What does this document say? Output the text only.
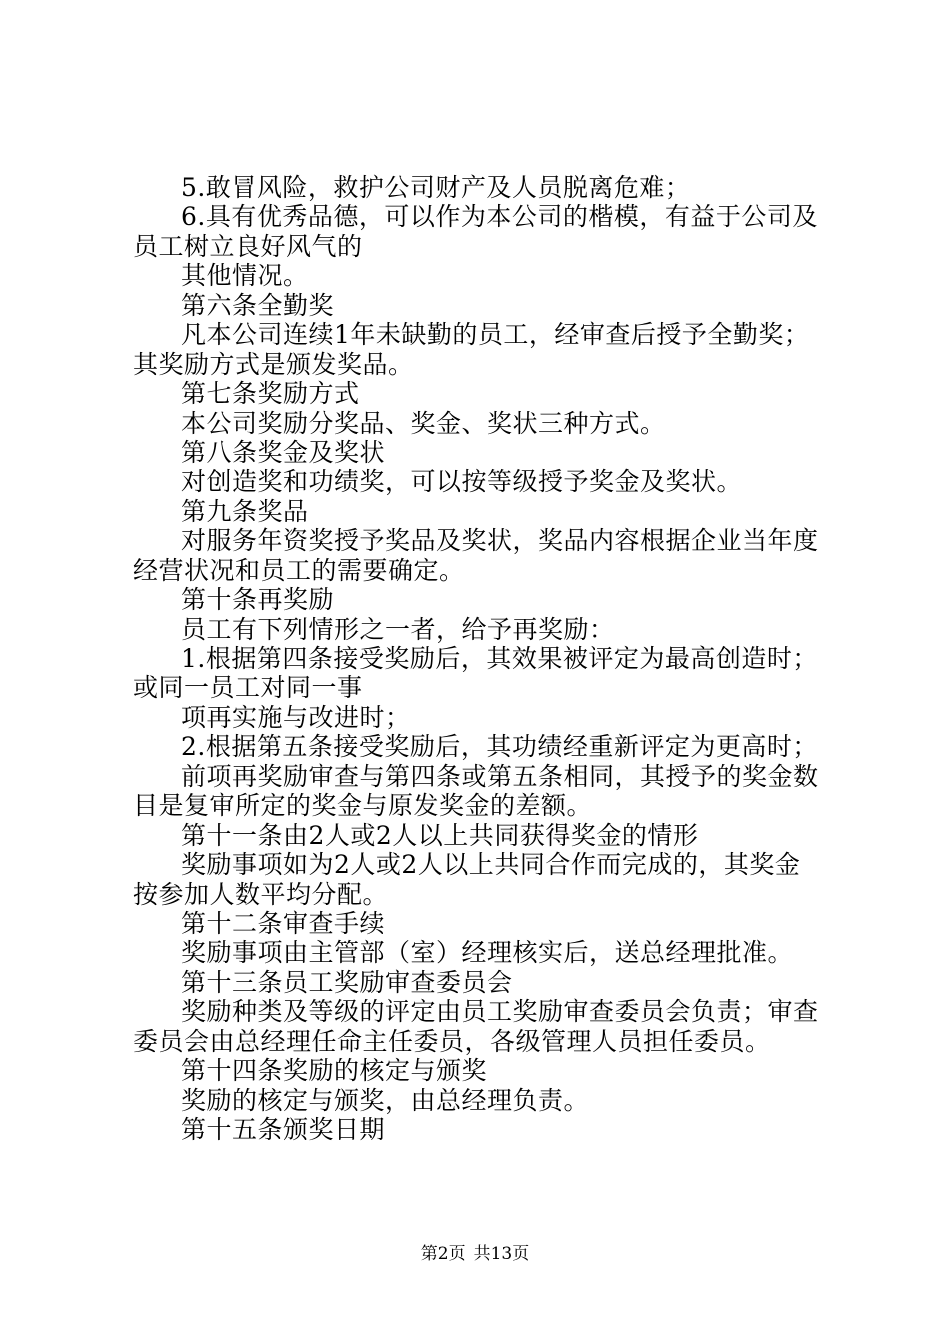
5.敢冒风险，救护公司财产及人员脱离危难；
6.具有优秀品德，可以作为本公司的楷模，有益于公司及
员工树立良好风气的
其他情况。
第六条全勤奖
凡本公司连续1年未缺勤的员工，经审查后授予全勤奖；
其奖励方式是颁发奖品。
第七条奖励方式
本公司奖励分奖品、奖金、奖状三种方式。
第八条奖金及奖状
对创造奖和功绩奖，可以按等级授予奖金及奖状。
第九条奖品
对服务年资奖授予奖品及奖状，奖品内容根据企业当年度
经营状况和员工的需要确定。
第十条再奖励
员工有下列情形之一者，给予再奖励：
1.根据第四条接受奖励后，其效果被评定为最高创造时；
或同一员工对同一事
项再实施与改进时；
2.根据第五条接受奖励后，其功绩经重新评定为更高时；
前项再奖励审查与第四条或第五条相同，其授予的奖金数
目是复审所定的奖金与原发奖金的差额。
第十一条由2人或2人以上共同获得奖金的情形
奖励事项如为2人或2人以上共同合作而完成的，其奖金
按参加人数平均分配。
第十二条审查手续
奖励事项由主管部（室）经理核实后，送总经理批准。
第十三条员工奖励审查委员会
奖励种类及等级的评定由员工奖励审查委员会负责；审查
委员会由总经理任命主任委员，各级管理人员担任委员。
第十四条奖励的核定与颁奖
奖励的核定与颁奖，由总经理负责。
第十五条颁奖日期
第2页 共13页
